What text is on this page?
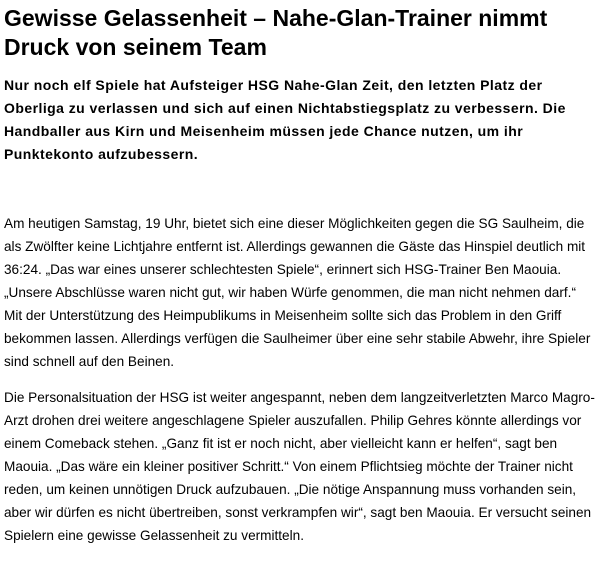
Gewisse Gelassenheit – Nahe-Glan-Trainer nimmt Druck von seinem Team

Nur noch elf Spiele hat Aufsteiger HSG Nahe-Glan Zeit, den letzten Platz der Oberliga zu verlassen und sich auf einen Nichtabstiegsplatz zu verbessern. Die Handballer aus Kirn und Meisenheim müssen jede Chance nutzen, um ihr Punktekonto aufzubessern.

Am heutigen Samstag, 19 Uhr, bietet sich eine dieser Möglichkeiten gegen die SG Saulheim, die als Zwölfter keine Lichtjahre entfernt ist. Allerdings gewannen die Gäste das Hinspiel deutlich mit 36:24. „Das war eines unserer schlechtesten Spiele“, erinnert sich HSG-Trainer Ben Maouia. „Unsere Abschlüsse waren nicht gut, wir haben Würfe genommen, die man nicht nehmen darf.“ Mit der Unterstützung des Heimpublikums in Meisenheim sollte sich das Problem in den Griff bekommen lassen. Allerdings verfügen die Saulheimer über eine sehr stabile Abwehr, ihre Spieler sind schnell auf den Beinen.

Die Personalsituation der HSG ist weiter angespannt, neben dem langzeitverletzten Marco Magro-Arzt drohen drei weitere angeschlagene Spieler auszufallen. Philip Gehres könnte allerdings vor einem Comeback stehen. „Ganz fit ist er noch nicht, aber vielleicht kann er helfen“, sagt ben Maouia. „Das wäre ein kleiner positiver Schritt.“ Von einem Pflichtsieg möchte der Trainer nicht reden, um keinen unnötigen Druck aufzubauen. „Die nötige Anspannung muss vorhanden sein, aber wir dürfen es nicht übertreiben, sonst verkrampfen wir“, sagt ben Maouia. Er versucht seinen Spielern eine gewisse Gelassenheit zu vermitteln.
